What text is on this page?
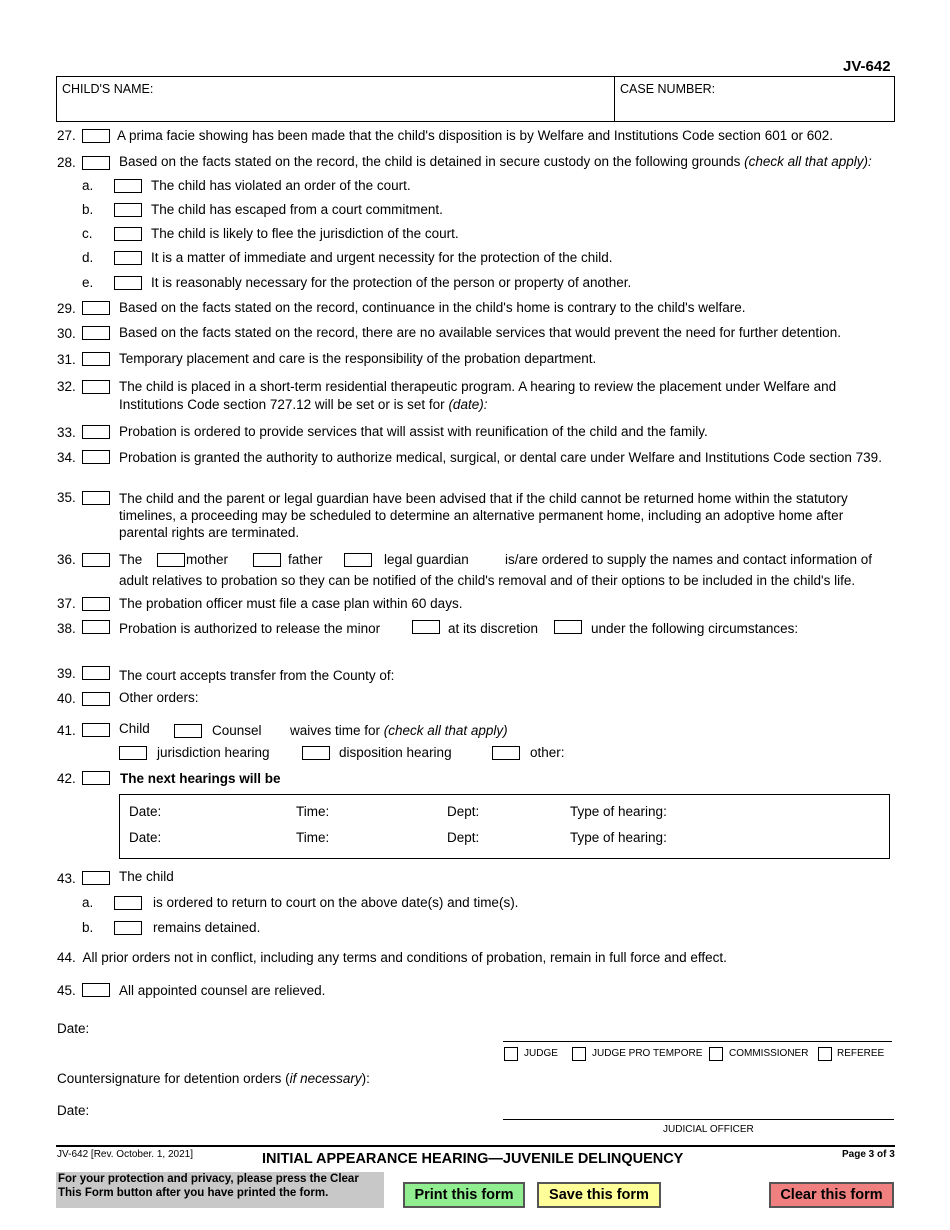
JV-642
CHILD'S NAME:	CASE NUMBER:
27.	A prima facie showing has been made that the child's disposition is by Welfare and Institutions Code section 601 or 602.
28.	Based on the facts stated on the record, the child is detained in secure custody on the following grounds (check all that apply):
a.	The child has violated an order of the court.
b.	The child has escaped from a court commitment.
c.	The child is likely to flee the jurisdiction of the court.
d.	It is a matter of immediate and urgent necessity for the protection of the child.
e.	It is reasonably necessary for the protection of the person or property of another.
29.	Based on the facts stated on the record, continuance in the child's home is contrary to the child's welfare.
30.	Based on the facts stated on the record, there are no available services that would prevent the need for further detention.
31.	Temporary placement and care is the responsibility of the probation department.
32.	The child is placed in a short-term residential therapeutic program. A hearing to review the placement under Welfare and Institutions Code section 727.12 will be set or is set for (date):
33.	Probation is ordered to provide services that will assist with reunification of the child and the family.
34.	Probation is granted the authority to authorize medical, surgical, or dental care under Welfare and Institutions Code section 739.
35.	The child and the parent or legal guardian have been advised that if the child cannot be returned home within the statutory timelines, a proceeding may be scheduled to determine an alternative permanent home, including an adoptive home after parental rights are terminated.
36.	The	mother	father	legal guardian	is/are ordered to supply the names and contact information of
adult relatives to probation so they can be notified of the child's removal and of their options to be included in the child's life.
37.	The probation officer must file a case plan within 60 days.
38.	Probation is authorized to release the minor	at its discretion	under the following circumstances:
39.	The court accepts transfer from the County of:
40.	Other orders:
41.	Child	Counsel waives time for (check all that apply)
jurisdiction hearing	disposition hearing	other:
42.	The next hearings will be
Date:	Time:	Dept:	Type of hearing:
Date:	Time:	Dept:	Type of hearing:
43.	The child
a.	is ordered to return to court on the above date(s) and time(s).
b.	remains detained.
44.  All prior orders not in conflict, including any terms and conditions of probation, remain in full force and effect.
45.	All appointed counsel are relieved.
Date:
JUDGE	JUDGE PRO TEMPORE	COMMISSIONER	REFEREE
Countersignature for detention orders (if necessary):
Date:
JUDICIAL OFFICER
JV-642 [Rev. October. 1, 2021]	INITIAL APPEARANCE HEARING—JUVENILE DELINQUENCY	Page 3 of 3
For your protection and privacy, please press the Clear
This Form button after you have printed the form.	Print this form	Save this form	Clear this form
